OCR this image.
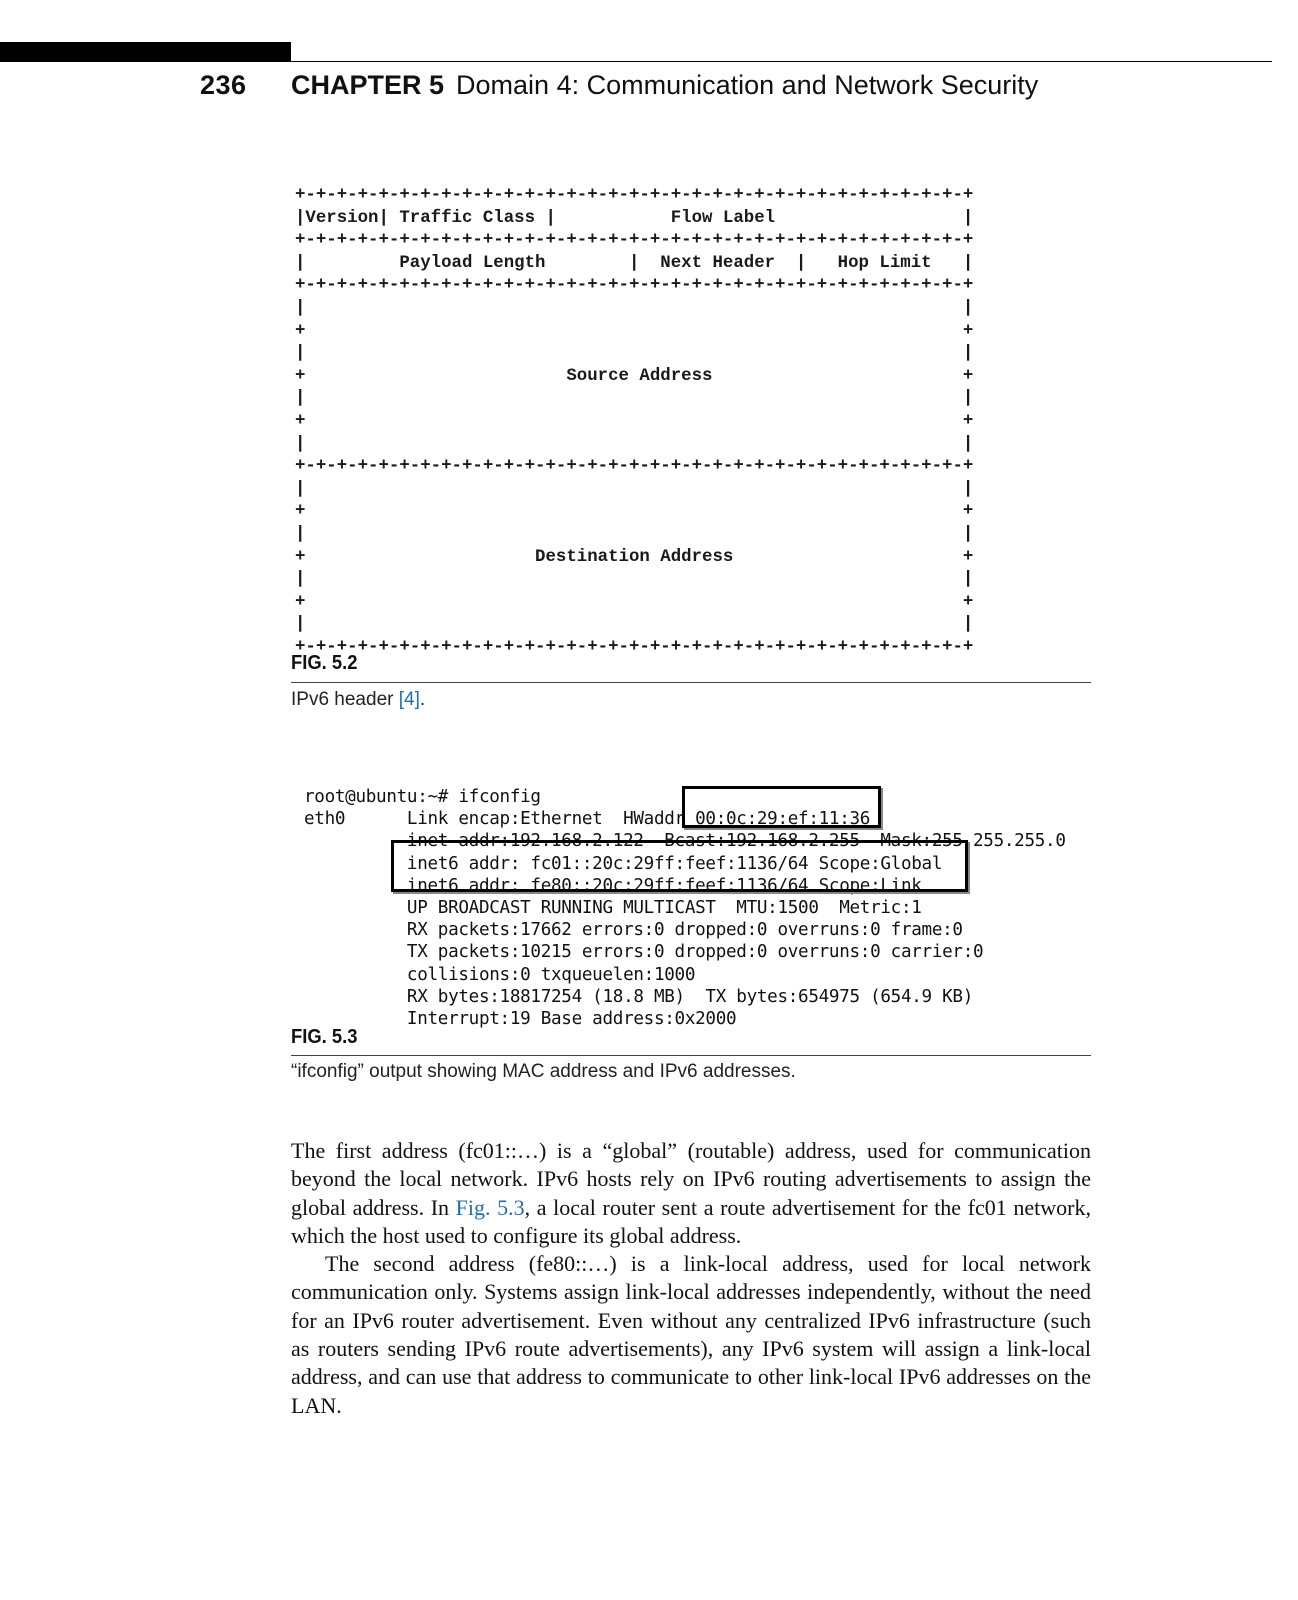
236 CHAPTER 5 Domain 4: Communication and Network Security
+-+-+-+-+-+-+-+-+-+-+-+-+-+-+-+-+-+-+-+-+-+-+-+-+-+-+-+-+-+-+-+-+
|Version| Traffic Class |           Flow Label                  |
+-+-+-+-+-+-+-+-+-+-+-+-+-+-+-+-+-+-+-+-+-+-+-+-+-+-+-+-+-+-+-+-+
|         Payload Length        |  Next Header  |   Hop Limit   |
+-+-+-+-+-+-+-+-+-+-+-+-+-+-+-+-+-+-+-+-+-+-+-+-+-+-+-+-+-+-+-+-+
|                                                               |
+                                                               +
|                                                               |
+                         Source Address                        +
|                                                               |
+                                                               +
|                                                               |
+-+-+-+-+-+-+-+-+-+-+-+-+-+-+-+-+-+-+-+-+-+-+-+-+-+-+-+-+-+-+-+-+
|                                                               |
+                                                               +
|                                                               |
+                      Destination Address                      +
|                                                               |
+                                                               +
|                                                               |
+-+-+-+-+-+-+-+-+-+-+-+-+-+-+-+-+-+-+-+-+-+-+-+-+-+-+-+-+-+-+-+-+
FIG. 5.2
IPv6 header [4].
root@ubuntu:~# ifconfig
eth0      Link encap:Ethernet  HWaddr 00:0c:29:ef:11:36
inet addr:192.168.2.122  Bcast:192.168.2.255  Mask:255.255.255.0
inet6 addr: fc01::20c:29ff:feef:1136/64 Scope:Global
inet6 addr: fe80::20c:29ff:feef:1136/64 Scope:Link
UP BROADCAST RUNNING MULTICAST  MTU:1500  Metric:1
RX packets:17662 errors:0 dropped:0 overruns:0 frame:0
TX packets:10215 errors:0 dropped:0 overruns:0 carrier:0
collisions:0 txqueuelen:1000
RX bytes:18817254 (18.8 MB)  TX bytes:654975 (654.9 KB)
Interrupt:19 Base address:0x2000
FIG. 5.3
“ifconfig” output showing MAC address and IPv6 addresses.

The first address (fc01::…) is a “global” (routable) address, used for communication beyond the local network. IPv6 hosts rely on IPv6 routing advertisements to assign the global address. In Fig. 5.3, a local router sent a route advertisement for the fc01 network, which the host used to configure its global address.

The second address (fe80::…) is a link-local address, used for local network communication only. Systems assign link-local addresses independently, without the need for an IPv6 router advertisement. Even without any centralized IPv6 infrastructure (such as routers sending IPv6 route advertisements), any IPv6 system will assign a link-local address, and can use that address to communicate to other link-local IPv6 addresses on the LAN.
